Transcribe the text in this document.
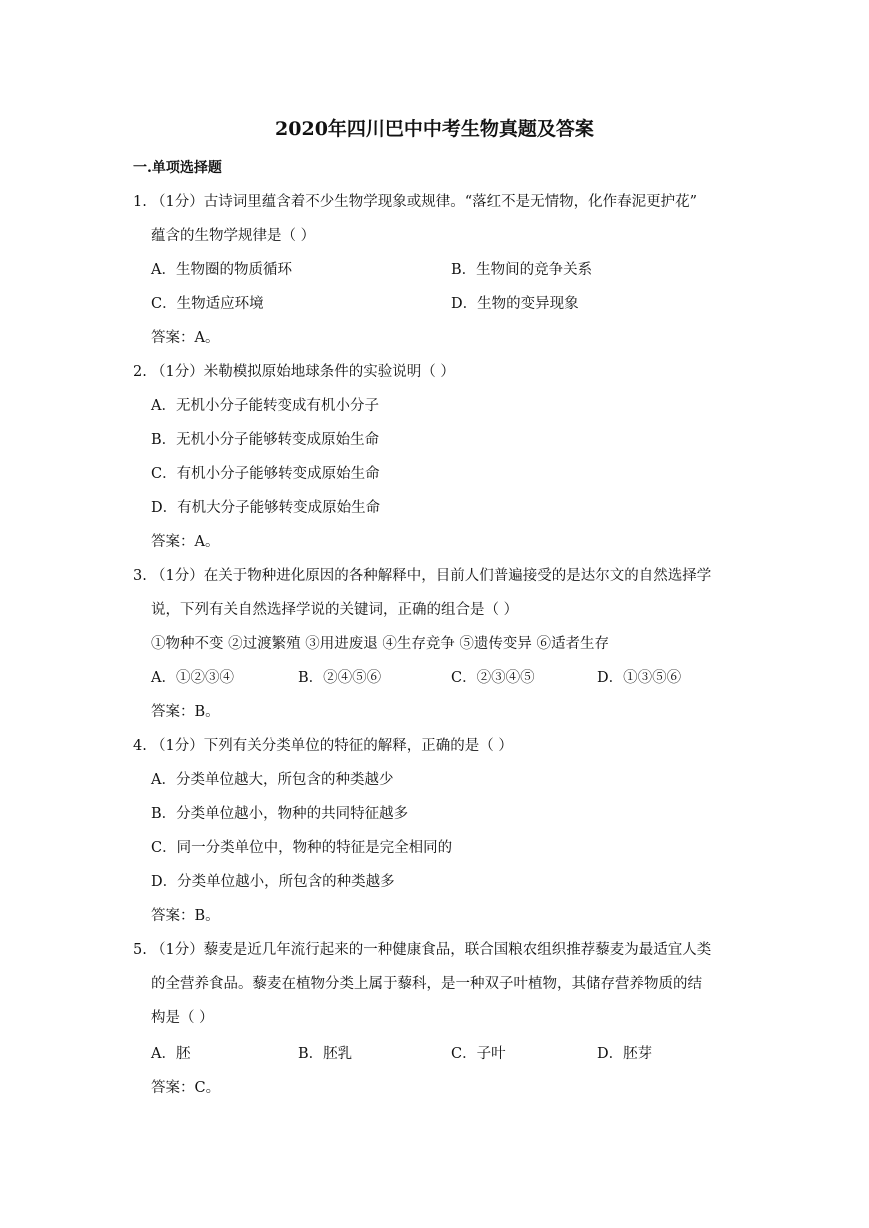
2020年四川巴中中考生物真题及答案
一.单项选择题
1. （1分）古诗词里蕴含着不少生物学现象或规律。“落红不是无情物，化作春泥更护花”
蕴含的生物学规律是（ ）
A．生物圈的物质循环	B．生物间的竞争关系
C．生物适应环境	D．生物的变异现象
答案：A。
2. （1分）米勒模拟原始地球条件的实验说明（ ）
A．无机小分子能转变成有机小分子
B．无机小分子能够转变成原始生命
C．有机小分子能够转变成原始生命
D．有机大分子能够转变成原始生命
答案：A。
3. （1分）在关于物种进化原因的各种解释中，目前人们普遍接受的是达尔文的自然选择学
说，下列有关自然选择学说的关键词，正确的组合是（ ）
①物种不变 ②过渡繁殖 ③用进废退 ④生存竞争 ⑤遗传变异 ⑥适者生存
A．①②③④	B．②④⑤⑥	C．②③④⑤	D．①③⑤⑥
答案：B。
4. （1分）下列有关分类单位的特征的解释，正确的是（ ）
A．分类单位越大，所包含的种类越少
B．分类单位越小，物种的共同特征越多
C．同一分类单位中，物种的特征是完全相同的
D．分类单位越小，所包含的种类越多
答案：B。
5. （1分）藜麦是近几年流行起来的一种健康食品，联合国粮农组织推荐藜麦为最适宜人类
的全营养食品。藜麦在植物分类上属于藜科，是一种双子叶植物，其储存营养物质的结
构是（ ）
A．胚	B．胚乳	C．子叶	D．胚芽
答案：C。
